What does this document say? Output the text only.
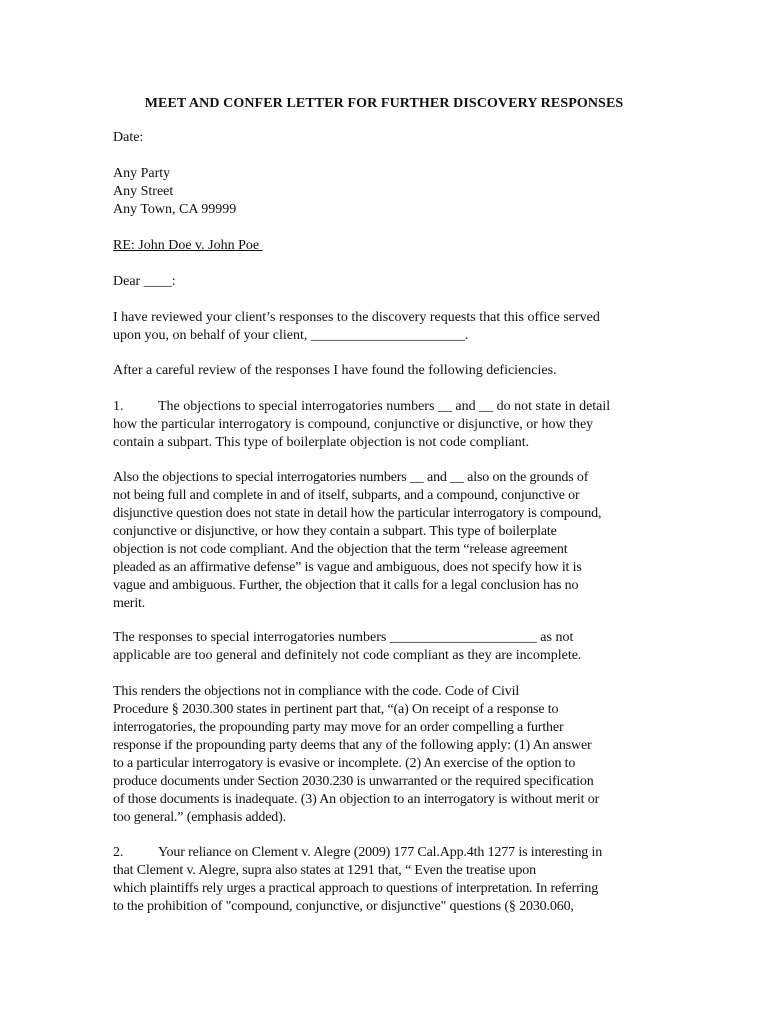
MEET AND CONFER LETTER FOR FURTHER DISCOVERY RESPONSES
Date:
Any Party
Any Street
Any Town, CA 99999
RE: John Doe v. John Poe
Dear ____:
I have reviewed your client’s responses to the discovery requests that this office served
upon you, on behalf of your client, ______________________.
After a careful review of the responses I have found the following deficiencies.
1. The objections to special interrogatories numbers __ and __ do not state in detail
how the particular interrogatory is compound, conjunctive or disjunctive, or how they
contain a subpart. This type of boilerplate objection is not code compliant.
Also the objections to special interrogatories numbers __ and __ also on the grounds of
not being full and complete in and of itself, subparts, and a compound, conjunctive or
disjunctive question does not state in detail how the particular interrogatory is compound,
conjunctive or disjunctive, or how they contain a subpart. This type of boilerplate
objection is not code compliant. And the objection that the term “release agreement
pleaded as an affirmative defense” is vague and ambiguous, does not specify how it is
vague and ambiguous. Further, the objection that it calls for a legal conclusion has no
merit.
The responses to special interrogatories numbers _____________________ as not
applicable are too general and definitely not code compliant as they are incomplete.
This renders the objections not in compliance with the code. Code of Civil
Procedure § 2030.300 states in pertinent part that, “(a) On receipt of a response to
interrogatories, the propounding party may move for an order compelling a further
response if the propounding party deems that any of the following apply: (1) An answer
to a particular interrogatory is evasive or incomplete. (2) An exercise of the option to
produce documents under Section 2030.230 is unwarranted or the required specification
of those documents is inadequate. (3) An objection to an interrogatory is without merit or
too general.” (emphasis added).
2. Your reliance on Clement v. Alegre (2009) 177 Cal.App.4th 1277 is interesting in
that Clement v. Alegre, supra also states at 1291 that, “ Even the treatise upon
which plaintiffs rely urges a practical approach to questions of interpretation. In referring
to the prohibition of "compound, conjunctive, or disjunctive" questions (§ 2030.060,
